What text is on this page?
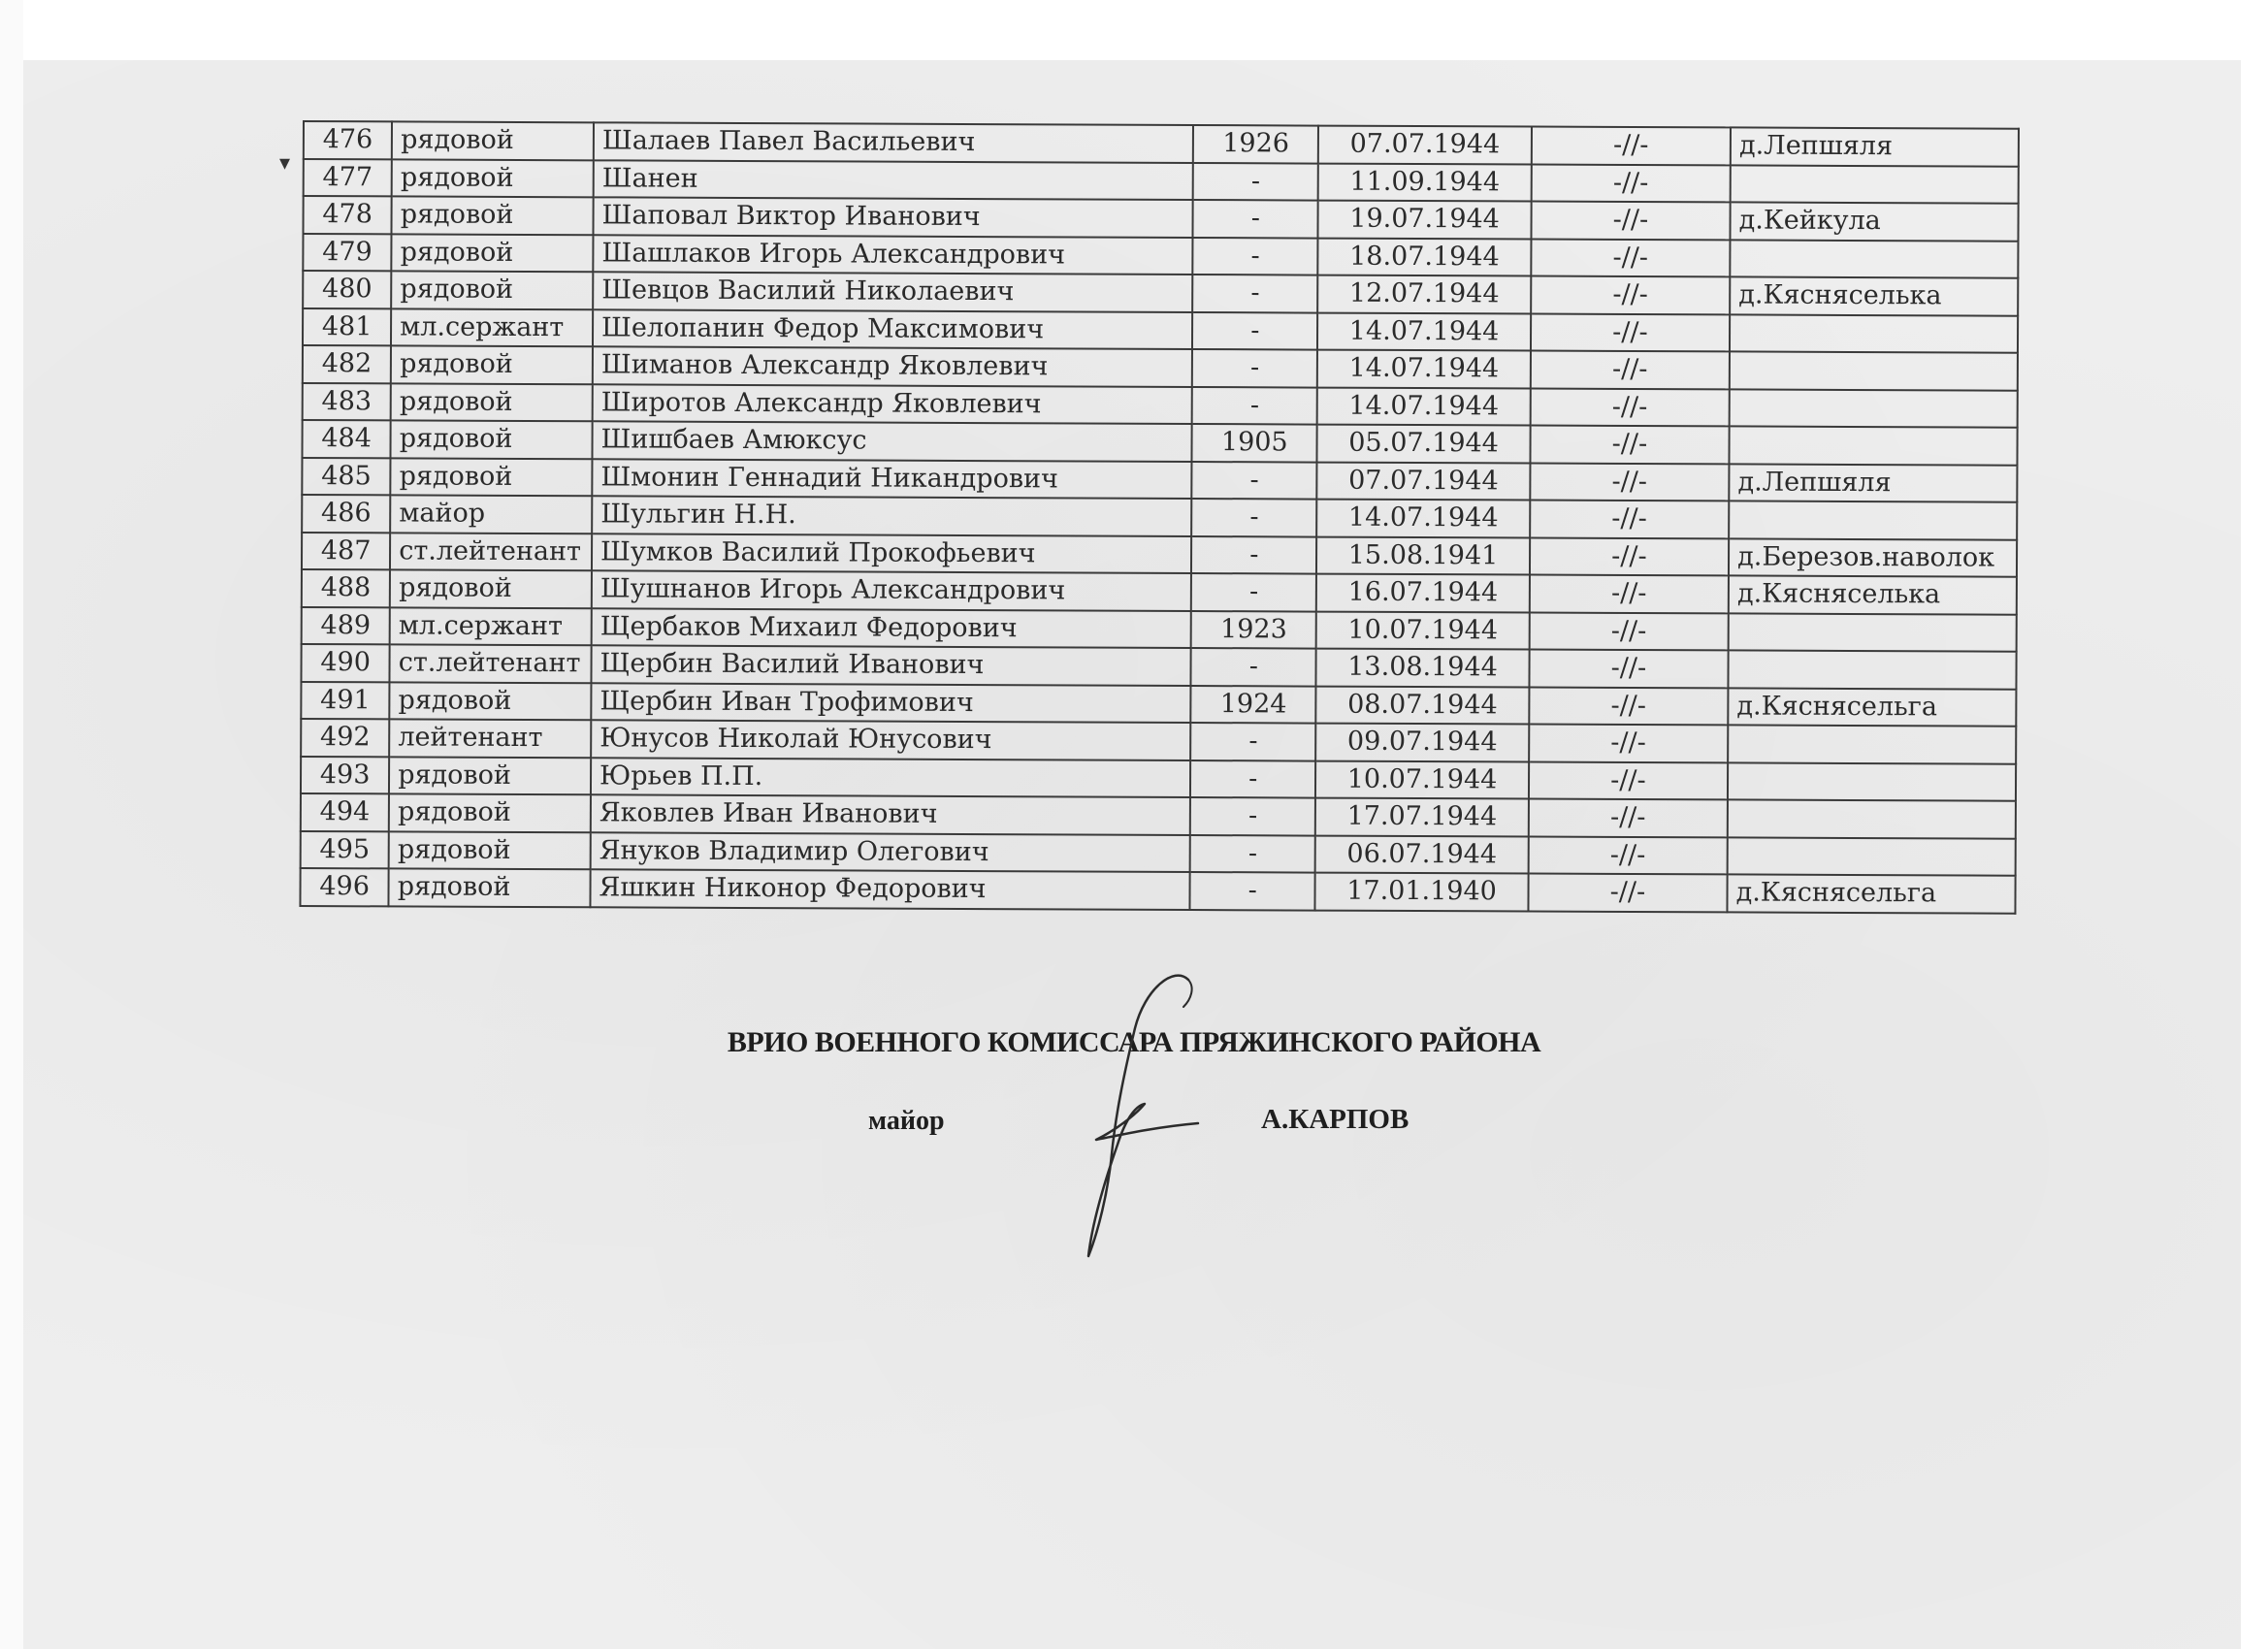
▾
476	рядовой	Шалаев Павел Васильевич	1926	07.07.1944	-//-	д.Лепшяля
477	рядовой	Шанен	-	11.09.1944	-//-	
478	рядовой	Шаповал Виктор Иванович	-	19.07.1944	-//-	д.Кейкула
479	рядовой	Шашлаков Игорь Александрович	-	18.07.1944	-//-	
480	рядовой	Шевцов Василий Николаевич	-	12.07.1944	-//-	д.Кясняселька
481	мл.сержант	Шелопанин Федор Максимович	-	14.07.1944	-//-	
482	рядовой	Шиманов Александр Яковлевич	-	14.07.1944	-//-	
483	рядовой	Широтов Александр Яковлевич	-	14.07.1944	-//-	
484	рядовой	Шишбаев Амюксус	1905	05.07.1944	-//-	
485	рядовой	Шмонин Геннадий Никандрович	-	07.07.1944	-//-	д.Лепшяля
486	майор	Шульгин Н.Н.	-	14.07.1944	-//-	
487	ст.лейтенант	Шумков Василий Прокофьевич	-	15.08.1941	-//-	д.Березов.наволок
488	рядовой	Шушнанов Игорь Александрович	-	16.07.1944	-//-	д.Кясняселька
489	мл.сержант	Щербаков Михаил Федорович	1923	10.07.1944	-//-	
490	ст.лейтенант	Щербин Василий Иванович	-	13.08.1944	-//-	
491	рядовой	Щербин Иван Трофимович	1924	08.07.1944	-//-	д.Кяснясельга
492	лейтенант	Юнусов Николай Юнусович	-	09.07.1944	-//-	
493	рядовой	Юрьев П.П.	-	10.07.1944	-//-	
494	рядовой	Яковлев Иван Иванович	-	17.07.1944	-//-	
495	рядовой	Януков Владимир Олегович	-	06.07.1944	-//-	
496	рядовой	Яшкин Никонор Федорович	-	17.01.1940	-//-	д.Кяснясельга
ВРИО ВОЕННОГО КОМИССАРА ПРЯЖИНСКОГО РАЙОНА
майор	А.КАРПОВ
